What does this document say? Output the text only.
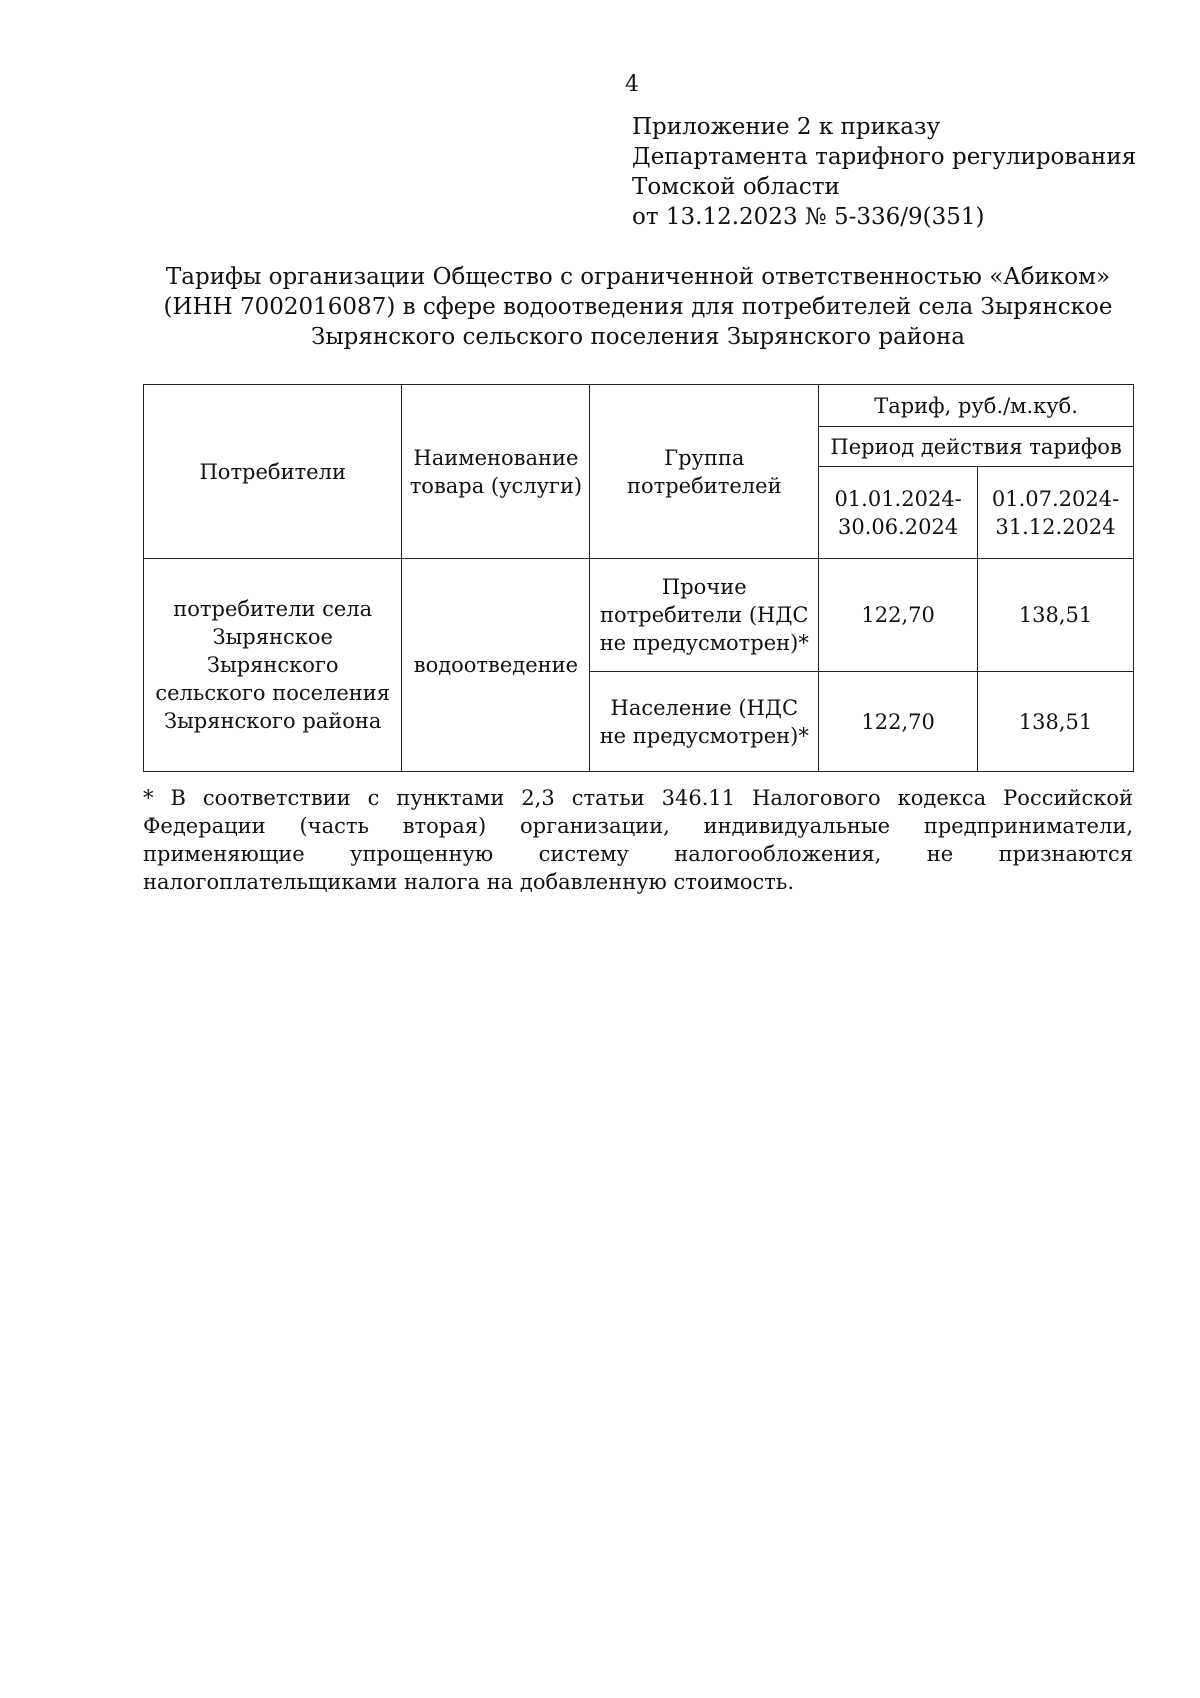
4
Приложение 2 к приказу
Департамента тарифного регулирования
Томской области
от 13.12.2023 № 5-336/9(351)
Тарифы организации Общество с ограниченной ответственностью «Абиком»
(ИНН 7002016087) в сфере водоотведения для потребителей села Зырянское
Зырянского сельского поселения Зырянского района
Потребители	Наименование товара (услуги)	Группа потребителей	Тариф, руб./м.куб.	
			Период действия тарифов	
			01.01.2024-30.06.2024	01.07.2024-31.12.2024
потребители села Зырянское Зырянского сельского поселения Зырянского района	водоотведение	Прочие потребители (НДС не предусмотрен)*	122,70	138,51
		Население (НДС не предусмотрен)*	122,70	138,51
* В соответствии с пунктами 2,3 статьи 346.11 Налогового кодекса Российской Федерации (часть вторая) организации, индивидуальные предприниматели, применяющие упрощенную систему налогообложения, не признаются налогоплательщиками налога на добавленную стоимость.
